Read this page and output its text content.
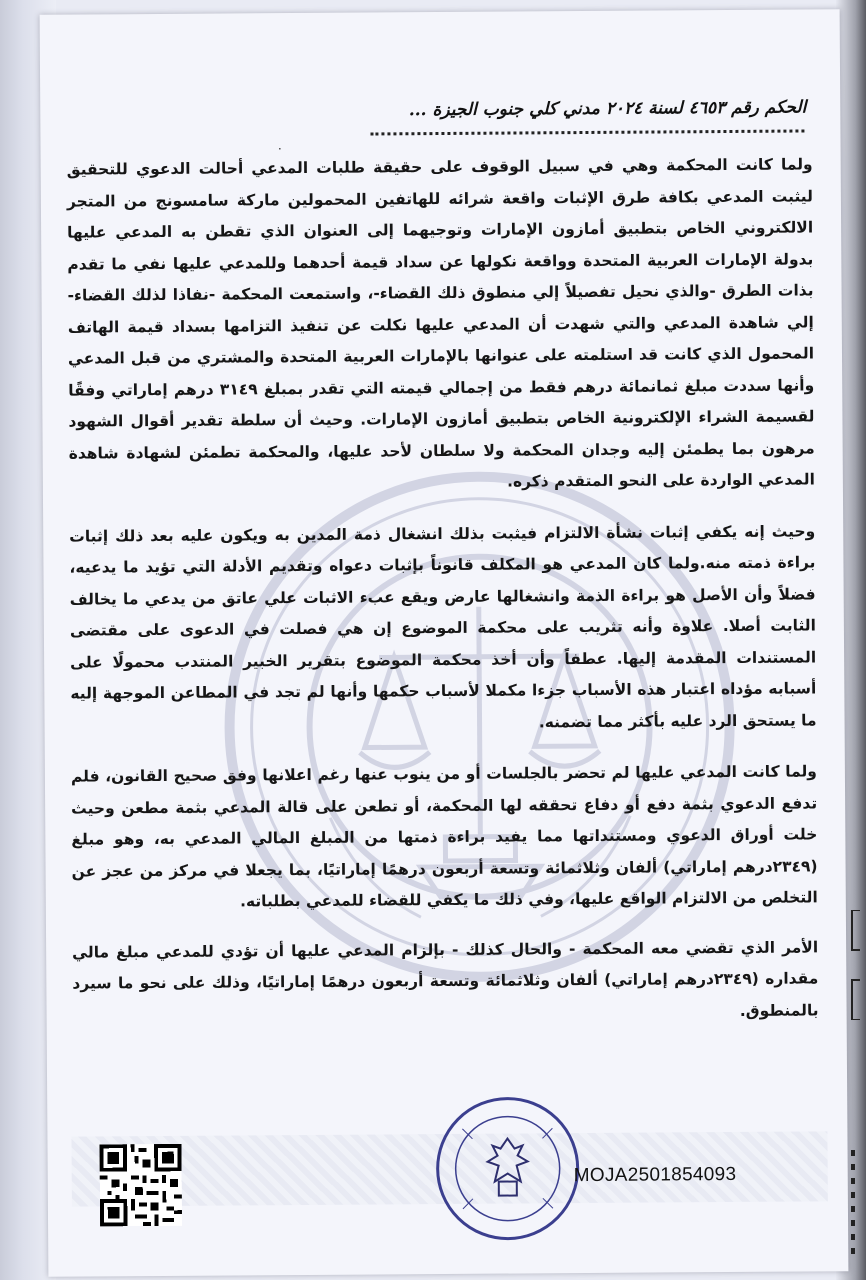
الحكم رقم ٤٦٥٣ لسنة ٢٠٢٤ مدني كلي جنوب الجيزة ...
٠

ولما كانت المحكمة وهي في سبيل الوقوف على حقيقة طلبات المدعي أحالت الدعوي للتحقيق ليثبت المدعي بكافة طرق الإثبات واقعة شرائه للهاتفين المحمولين ماركة سامسونج من المتجر الالكتروني الخاص بتطبيق أمازون الإمارات وتوجيهما إلى العنوان الذي تقطن به المدعي عليها بدولة الإمارات العربية المتحدة وواقعة نكولها عن سداد قيمة أحدهما وللمدعي عليها نفي ما تقدم بذات الطرق -والذي نحيل تفصيلاً إلي منطوق ذلك القضاء-، واستمعت المحكمة -نفاذا لذلك القضاء- إلي شاهدة المدعي والتي شهدت أن المدعي عليها نكلت عن تنفيذ التزامها بسداد قيمة الهاتف المحمول الذي كانت قد استلمته على عنوانها بالإمارات العربية المتحدة والمشتري من قبل المدعي وأنها سددت مبلغ ثمانمائة درهم فقط من إجمالي قيمته التي تقدر بمبلغ ٣١٤٩ درهم إماراتي وفقًا لقسيمة الشراء الإلكترونية الخاص بتطبيق أمازون الإمارات. وحيث أن سلطة تقدير أقوال الشهود مرهون بما يطمئن إليه وجدان المحكمة ولا سلطان لأحد عليها، والمحكمة تطمئن لشهادة شاهدة المدعي الواردة على النحو المتقدم ذكره.

وحيث إنه يكفي إثبات نشأة الالتزام فيثبت بذلك انشغال ذمة المدين به ويكون عليه بعد ذلك إثبات براءة ذمته منه.ولما كان المدعي هو المكلف قانوناً بإثبات دعواه وتقديم الأدلة التي تؤيد ما يدعيه، فضلاً وأن الأصل هو براءة الذمة وانشغالها عارض ويقع عبء الاثبات علي عاتق من يدعي ما يخالف الثابت أصلا. علاوة وأنه تثريب على محكمة الموضوع إن هي فصلت في الدعوى على مقتضى المستندات المقدمة إليها. عطفاً وأن أخذ محكمة الموضوع بتقرير الخبير المنتدب محمولًا على أسبابه مؤداه اعتبار هذه الأسباب جزءا مكملا لأسباب حكمها وأنها لم تجد في المطاعن الموجهة إليه ما يستحق الرد عليه بأكثر مما تضمنه.

ولما كانت المدعي عليها لم تحضر بالجلسات أو من ينوب عنها رغم اعلانها وفق صحيح القانون، فلم تدفع الدعوي بثمة دفع أو دفاع تحققه لها المحكمة، أو تطعن على قالة المدعي بثمة مطعن وحيث خلت أوراق الدعوي ومستنداتها مما يفيد براءة ذمتها من المبلغ المالي المدعي به، وهو مبلغ (٢٣٤٩درهم إماراتي) ألفان وثلاثمائة وتسعة أربعون درهمًا إماراتيًا، بما يجعلا في مركز من عجز عن التخلص من الالتزام الواقع عليها، وفي ذلك ما يكفي للقضاء للمدعي بطلباته.

الأمر الذي تقضي معه المحكمة - والحال كذلك - بإلزام المدعي عليها أن تؤدي للمدعي مبلغ مالي مقداره (٢٣٤٩درهم إماراتي) ألفان وثلاثمائة وتسعة أربعون درهمًا إماراتيًا، وذلك على نحو ما سيرد بالمنطوق.

MOJA2501854093
